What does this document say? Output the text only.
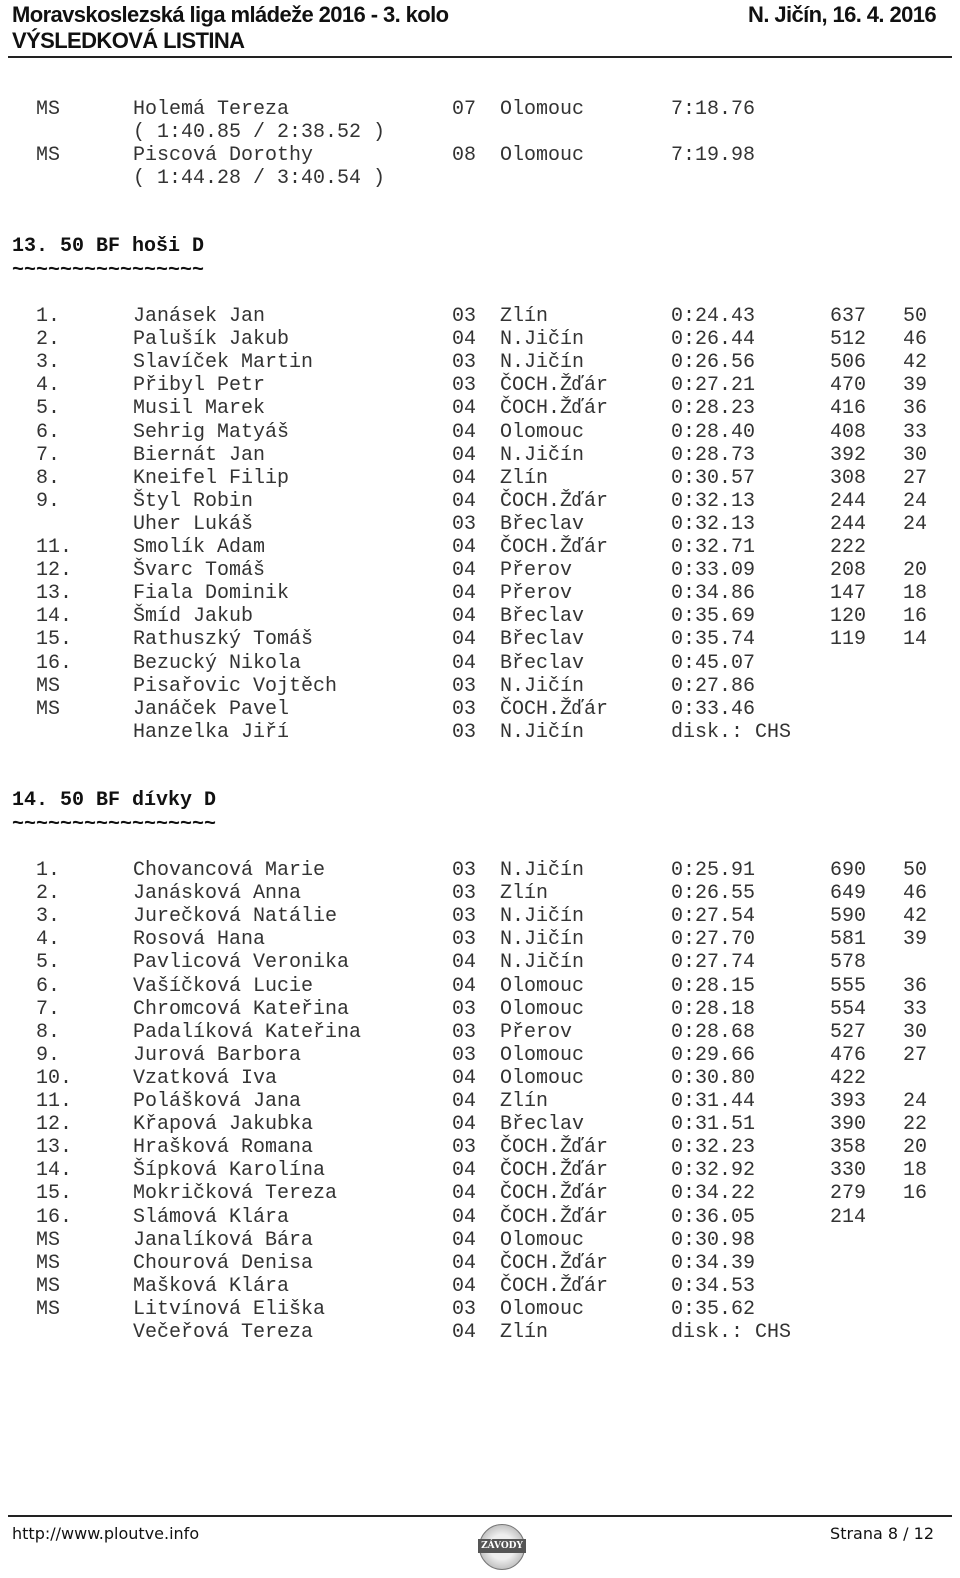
Moravskoslezská liga mládeže 2016 - 3. kolo
VÝSLEDKOVÁ LISTINA
N. Jičín, 16. 4. 2016
MS	Holemá Tereza	07 Olomouc	7:18.76
( 1:40.85 / 2:38.52 )
MS	Piscová Dorothy	08 Olomouc	7:19.98
( 1:44.28 / 3:40.54 )
13. 50 BF hoši D
~~~~~~~~~~~~~~~~
1.	Janásek Jan	03 Zlín	0:24.43	637 50
2.	Palušík Jakub	04 N.Jičín	0:26.44	512 46
3.	Slavíček Martin	03 N.Jičín	0:26.56	506 42
4.	Přibyl Petr	03 ČOCH.Žďár	0:27.21	470 39
5.	Musil Marek	04 ČOCH.Žďár	0:28.23	416 36
6.	Sehrig Matyáš	04 Olomouc	0:28.40	408 33
7.	Biernát Jan	04 N.Jičín	0:28.73	392 30
8.	Kneifel Filip	04 Zlín	0:30.57	308 27
9.	Štyl Robin	04 ČOCH.Žďár	0:32.13	244 24
Uher Lukáš	03 Břeclav	0:32.13	244 24
11.	Smolík Adam	04 ČOCH.Žďár	0:32.71	222
12.	Švarc Tomáš	04 Přerov	0:33.09	208 20
13.	Fiala Dominik	04 Přerov	0:34.86	147 18
14.	Šmíd Jakub	04 Břeclav	0:35.69	120 16
15.	Rathuszký Tomáš	04 Břeclav	0:35.74	119 14
16.	Bezucký Nikola	04 Břeclav	0:45.07
MS	Pisařovic Vojtěch	03 N.Jičín	0:27.86
MS	Janáček Pavel	03 ČOCH.Žďár	0:33.46
Hanzelka Jiří	03 N.Jičín	disk.: CHS
14. 50 BF dívky D
~~~~~~~~~~~~~~~~~
1.	Chovancová Marie	03 N.Jičín	0:25.91	690 50
2.	Janásková Anna	03 Zlín	0:26.55	649 46
3.	Jurečková Natálie	03 N.Jičín	0:27.54	590 42
4.	Rosová Hana	03 N.Jičín	0:27.70	581 39
5.	Pavlicová Veronika	04 N.Jičín	0:27.74	578
6.	Vašíčková Lucie	04 Olomouc	0:28.15	555 36
7.	Chromcová Kateřina	03 Olomouc	0:28.18	554 33
8.	Padalíková Kateřina	03 Přerov	0:28.68	527 30
9.	Jurová Barbora	03 Olomouc	0:29.66	476 27
10.	Vzatková Iva	04 Olomouc	0:30.80	422
11.	Polášková Jana	04 Zlín	0:31.44	393 24
12.	Křapová Jakubka	04 Břeclav	0:31.51	390 22
13.	Hrašková Romana	03 ČOCH.Žďár	0:32.23	358 20
14.	Šípková Karolína	04 ČOCH.Žďár	0:32.92	330 18
15.	Mokričková Tereza	04 ČOCH.Žďár	0:34.22	279 16
16.	Slámová Klára	04 ČOCH.Žďár	0:36.05	214
MS	Janalíková Bára	04 Olomouc	0:30.98
MS	Chourová Denisa	04 ČOCH.Žďár	0:34.39
MS	Mašková Klára	04 ČOCH.Žďár	0:34.53
MS	Litvínová Eliška	03 Olomouc	0:35.62
Večeřová Tereza	04 Zlín	disk.: CHS
http://www.ploutve.info
ZÁVODY
Strana 8 / 12
